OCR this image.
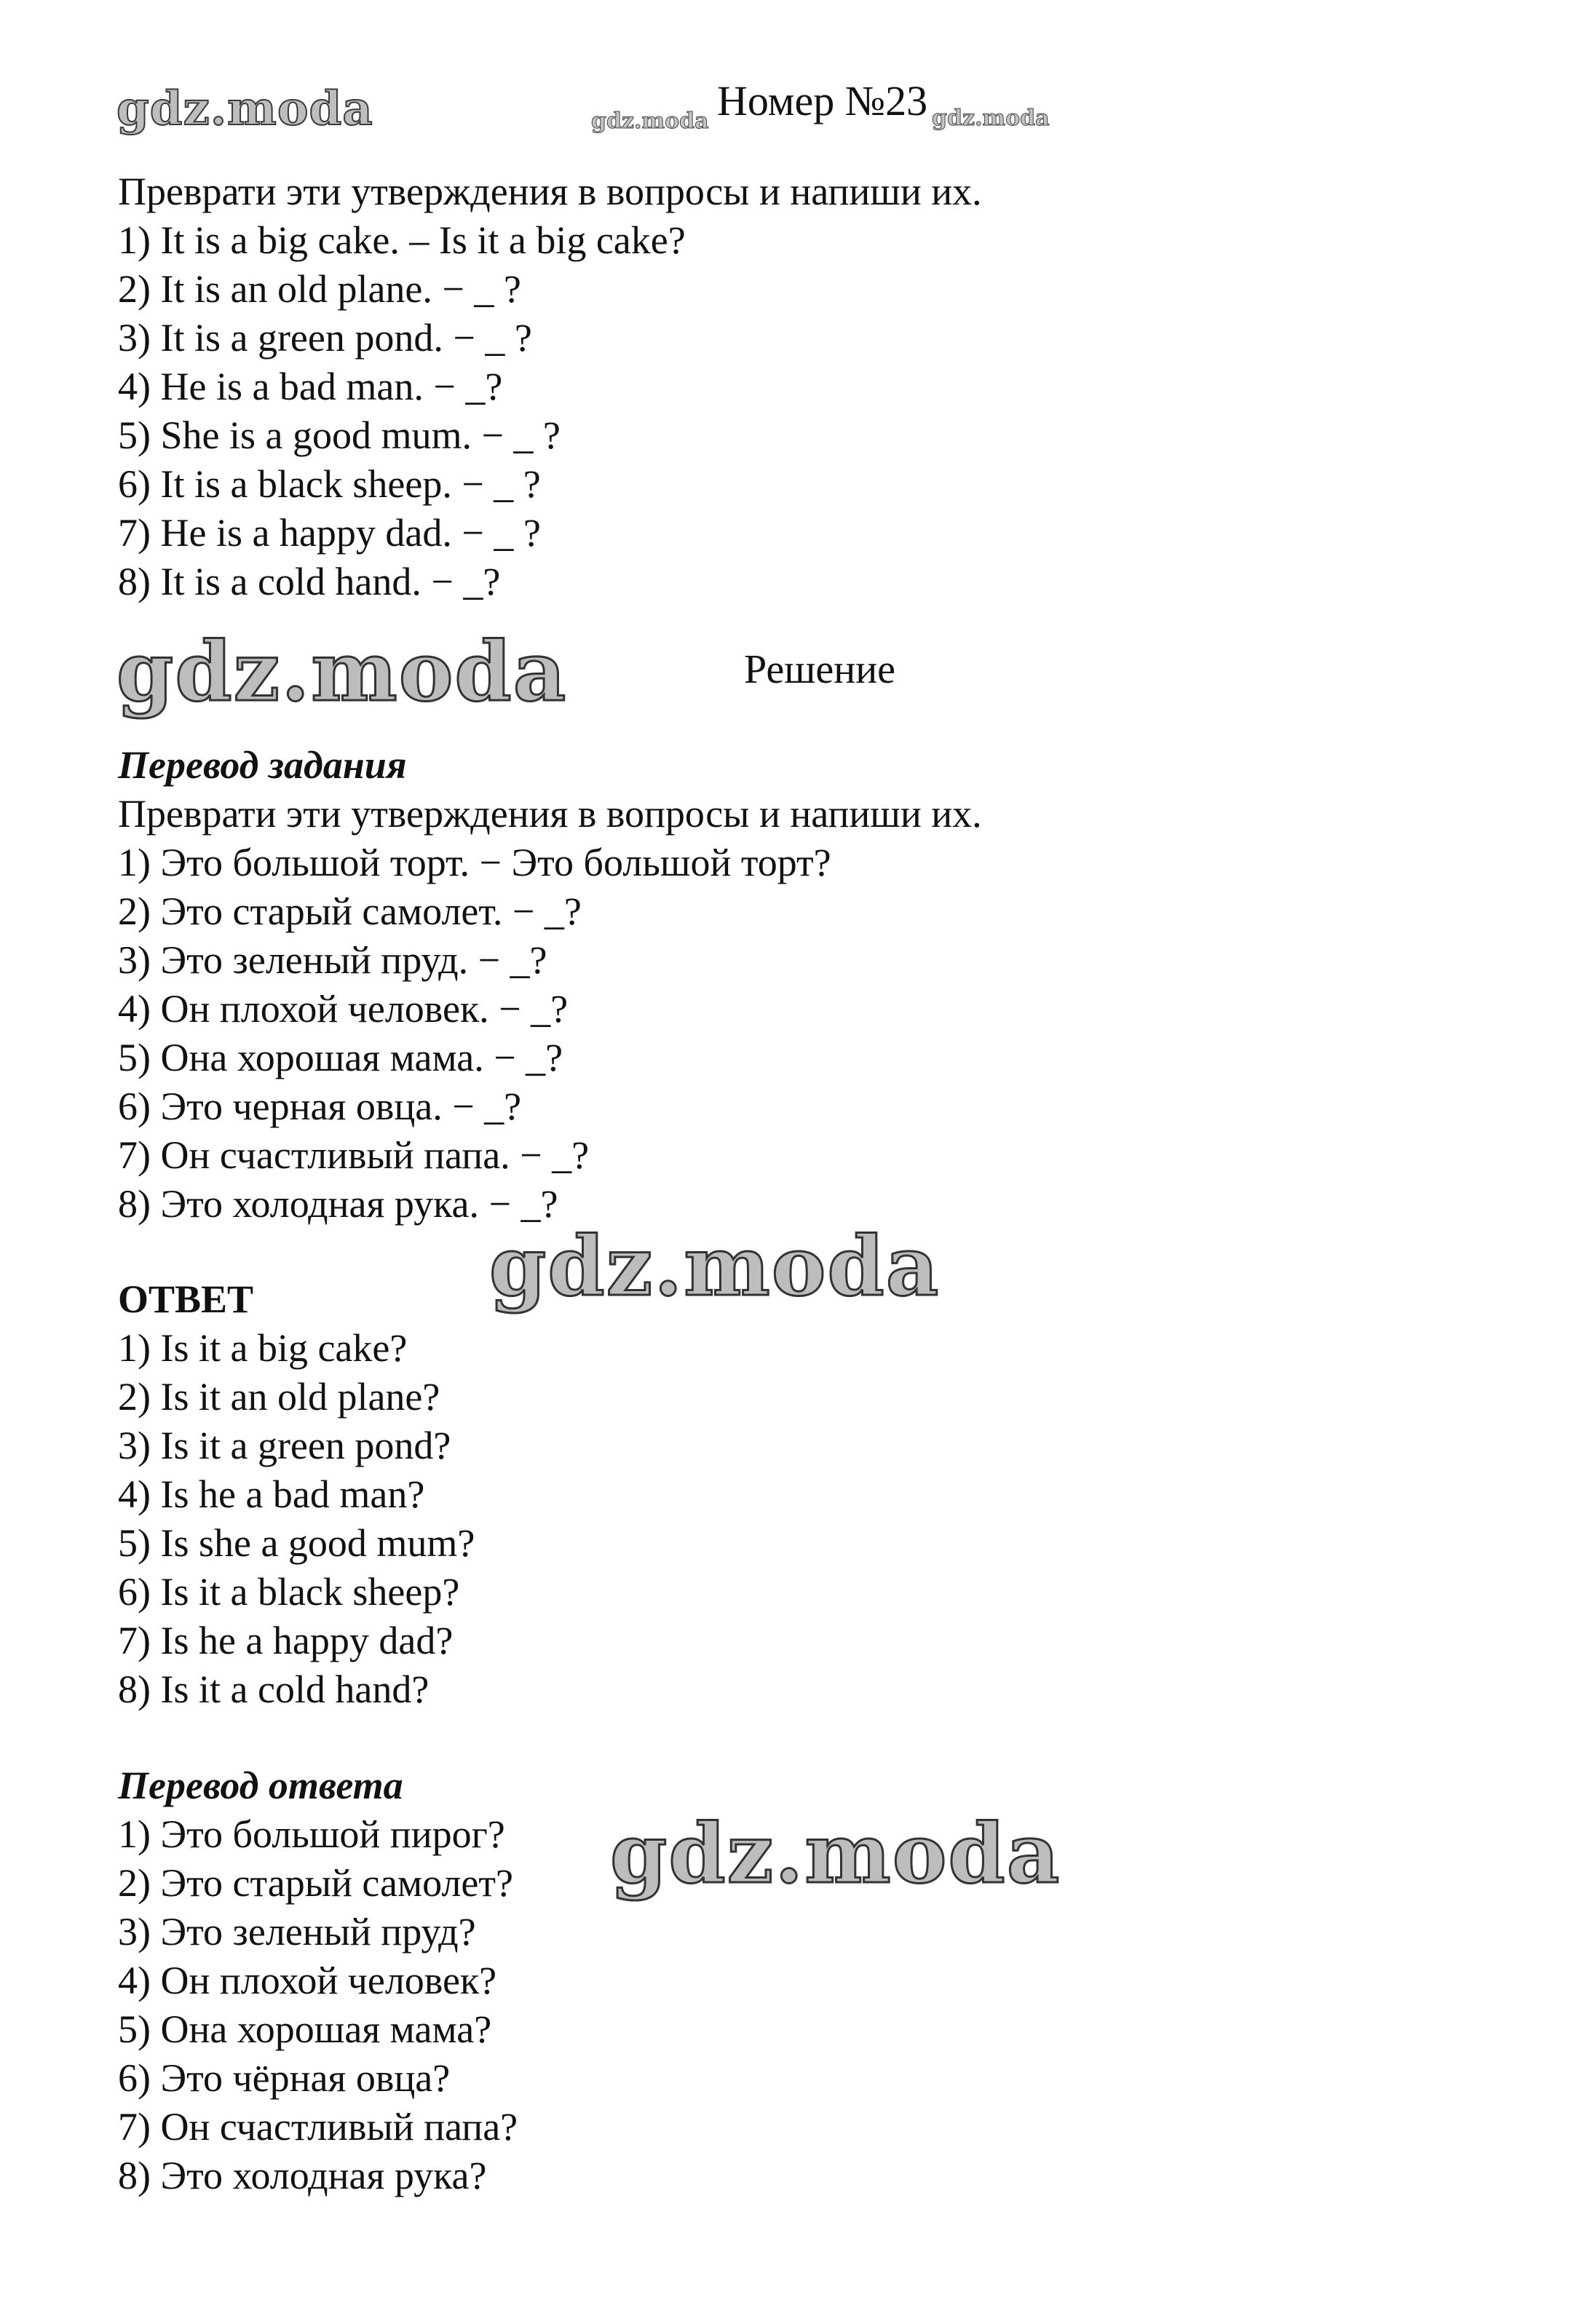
gdz.moda	gdz.moda Номер №23 gdz.moda
Преврати эти утверждения в вопросы и напиши их.
1) It is a big cake. – Is it a big cake?
2) It is an old plane. − _ ?
3) It is a green pond. − _ ?
4) He is a bad man. − _?
5) She is a good mum. − _ ?
6) It is a black sheep. − _ ?
7) He is a happy dad. − _ ?
8) It is a cold hand. − _?
gdz.moda	Решение
Перевод задания
Преврати эти утверждения в вопросы и напиши их.
1) Это большой торт. − Это большой торт?
2) Это старый самолет. − _?
3) Это зеленый пруд. − _?
4) Он плохой человек. − _?
5) Она хорошая мама. − _?
6) Это черная овца. − _?
7) Он счастливый папа. − _?
8) Это холодная рука. − _?
gdz.moda
ОТВЕТ
1) Is it a big cake?
2) Is it an old plane?
3) Is it a green pond?
4) Is he a bad man?
5) Is she a good mum?
6) Is it a black sheep?
7) Is he a happy dad?
8) Is it a cold hand?
Перевод ответа
1) Это большой пирог?
2) Это старый самолет?
3) Это зеленый пруд?
4) Он плохой человек?
5) Она хорошая мама?
6) Это чёрная овца?
7) Он счастливый папа?
8) Это холодная рука?
gdz.moda
